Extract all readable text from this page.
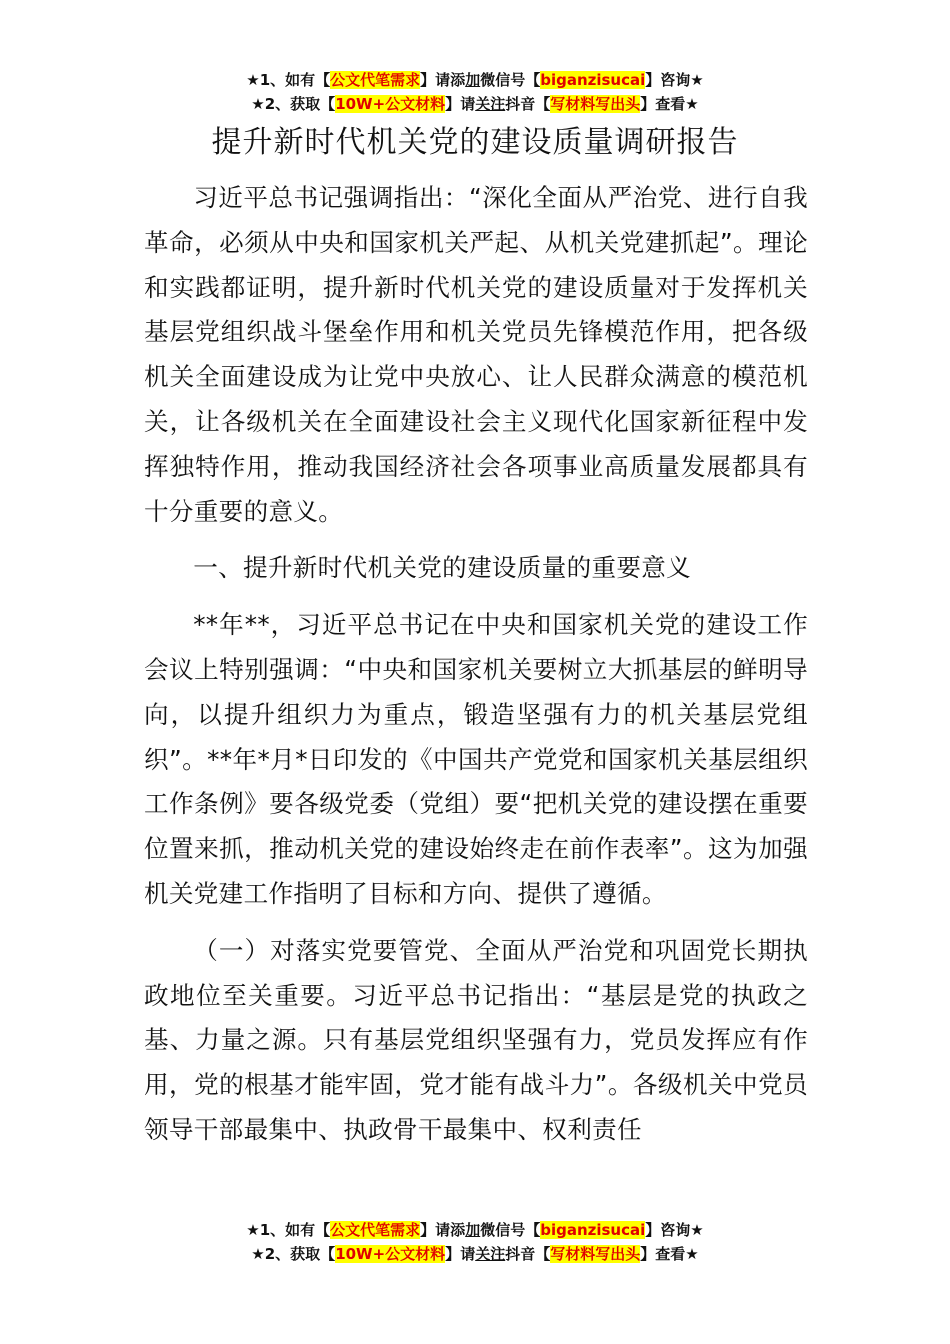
★1、如有【公文代笔需求】请添加微信号【biganzisucai】咨询★
★2、获取【10W+公文材料】请关注抖音【写材料写出头】查看★
提升新时代机关党的建设质量调研报告

习近平总书记强调指出：“深化全面从严治党、进行自我革命，必须从中央和国家机关严起、从机关党建抓起”。理论和实践都证明，提升新时代机关党的建设质量对于发挥机关基层党组织战斗堡垒作用和机关党员先锋模范作用，把各级机关全面建设成为让党中央放心、让人民群众满意的模范机关，让各级机关在全面建设社会主义现代化国家新征程中发挥独特作用，推动我国经济社会各项事业高质量发展都具有十分重要的意义。

一、提升新时代机关党的建设质量的重要意义

**年**，习近平总书记在中央和国家机关党的建设工作会议上特别强调：“中央和国家机关要树立大抓基层的鲜明导向，以提升组织力为重点，锻造坚强有力的机关基层党组织”。**年*月*日印发的《中国共产党党和国家机关基层组织工作条例》要各级党委（党组）要“把机关党的建设摆在重要位置来抓，推动机关党的建设始终走在前作表率”。这为加强机关党建工作指明了目标和方向、提供了遵循。

（一）对落实党要管党、全面从严治党和巩固党长期执政地位至关重要。习近平总书记指出：“基层是党的执政之基、力量之源。只有基层党组织坚强有力，党员发挥应有作用，党的根基才能牢固，党才能有战斗力”。各级机关中党员领导干部最集中、执政骨干最集中、权利责任

★1、如有【公文代笔需求】请添加微信号【biganzisucai】咨询★
★2、获取【10W+公文材料】请关注抖音【写材料写出头】查看★
